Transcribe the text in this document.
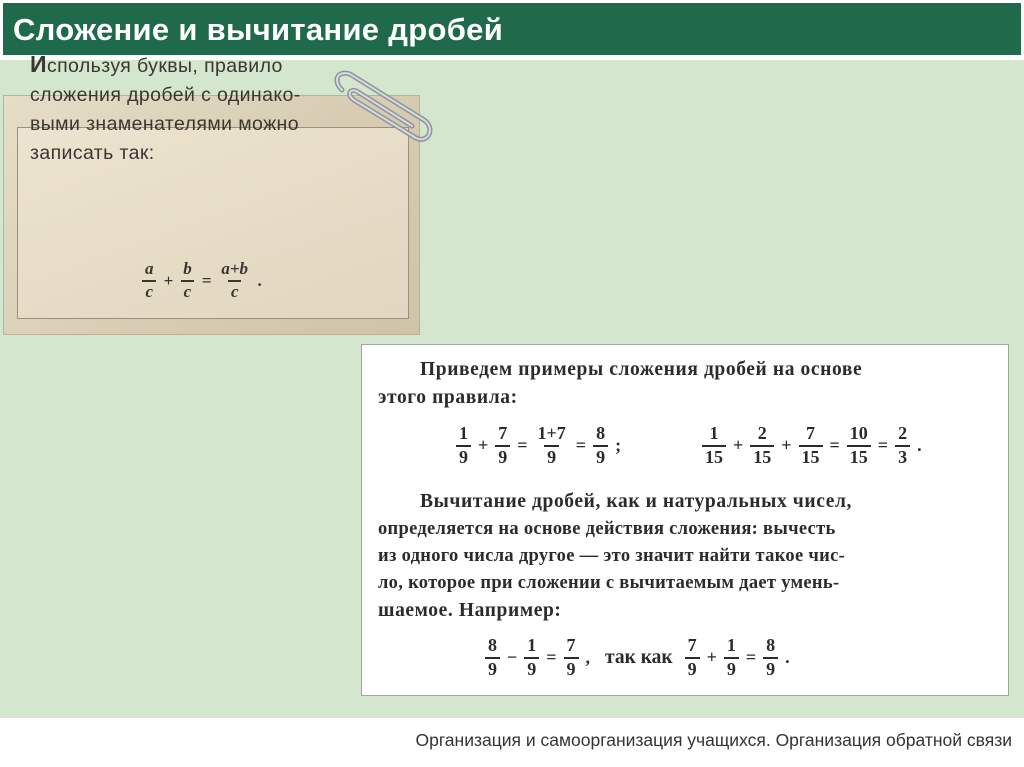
Сложение и вычитание дробей
Используя буквы, правило
сложения дробей с одинако-
выми знаменателями можно
записать так:
$\frac{a}{c} + \frac{b}{c} = \frac{a+b}{c}$ .
Приведем примеры сложения дробей на основе
этого правила:
$\frac{1}{9} + \frac{7}{9} = \frac{1+7}{9} = \frac{8}{9}$ ;	$\frac{1}{15} + \frac{2}{15} + \frac{7}{15} = \frac{10}{15} = \frac{2}{3}$ .
Вычитание дробей, как и натуральных чисел,
определяется на основе действия сложения: вычесть
из одного числа другое — это значит найти такое чис-
ло, которое при сложении с вычитаемым дает умень-
шаемое. Например:
$\frac{8}{9} - \frac{1}{9} = \frac{7}{9}$ , так как $\frac{7}{9} + \frac{1}{9} = \frac{8}{9}$ .
Организация и самоорганизация учащихся. Организация обратной связи
